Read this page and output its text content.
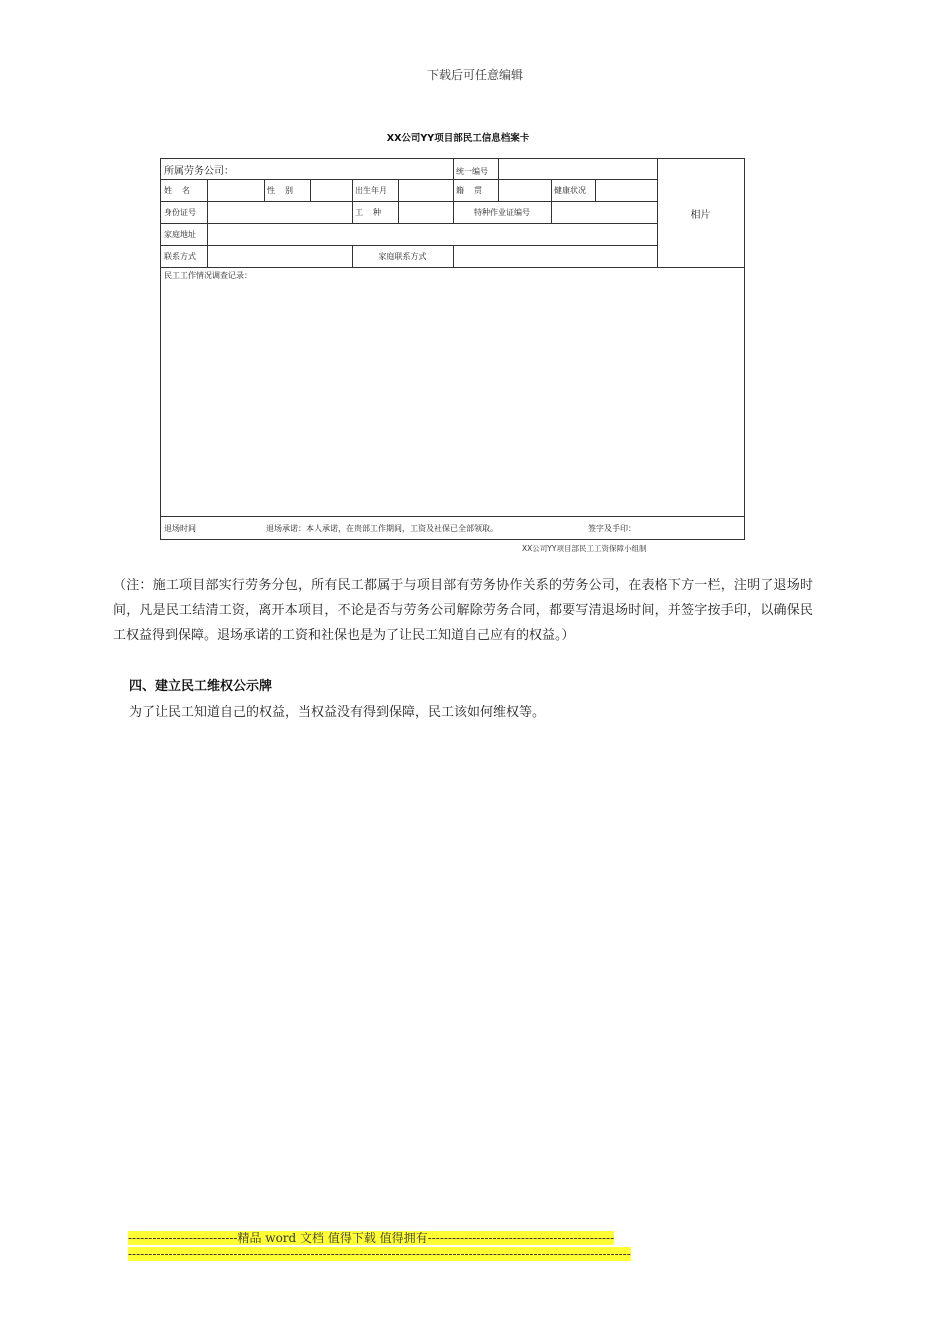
下载后可任意编辑
XX公司YY项目部民工信息档案卡
所属劳务公司：	统一编号
相片
姓　名	性　别	出生年月	籍　贯	健康状况
身份证号	工　种	特种作业证编号
家庭地址
联系方式	家庭联系方式
民工工作情况调查记录：
退场时间	退场承诺：本人承诺，在贵部工作期间，工资及社保已全部领取。	签字及手印：
XX公司YY项目部民工工资保障小组制
（注：施工项目部实行劳务分包，所有民工都属于与项目部有劳务协作关系的劳务公司，在表格下方一栏，注明了退场时间，凡是民工结清工资，离开本项目，不论是否与劳务公司解除劳务合同，都要写清退场时间，并签字按手印，以确保民工权益得到保障。退场承诺的工资和社保也是为了让民工知道自己应有的权益。）
四、建立民工维权公示牌
为了让民工知道自己的权益，当权益没有得到保障，民工该如何维权等。
---------------------------精品 word 文档 值得下载 值得拥有----------------------------------------------
----------------------------------------------------------------------------------------------------------------------------
